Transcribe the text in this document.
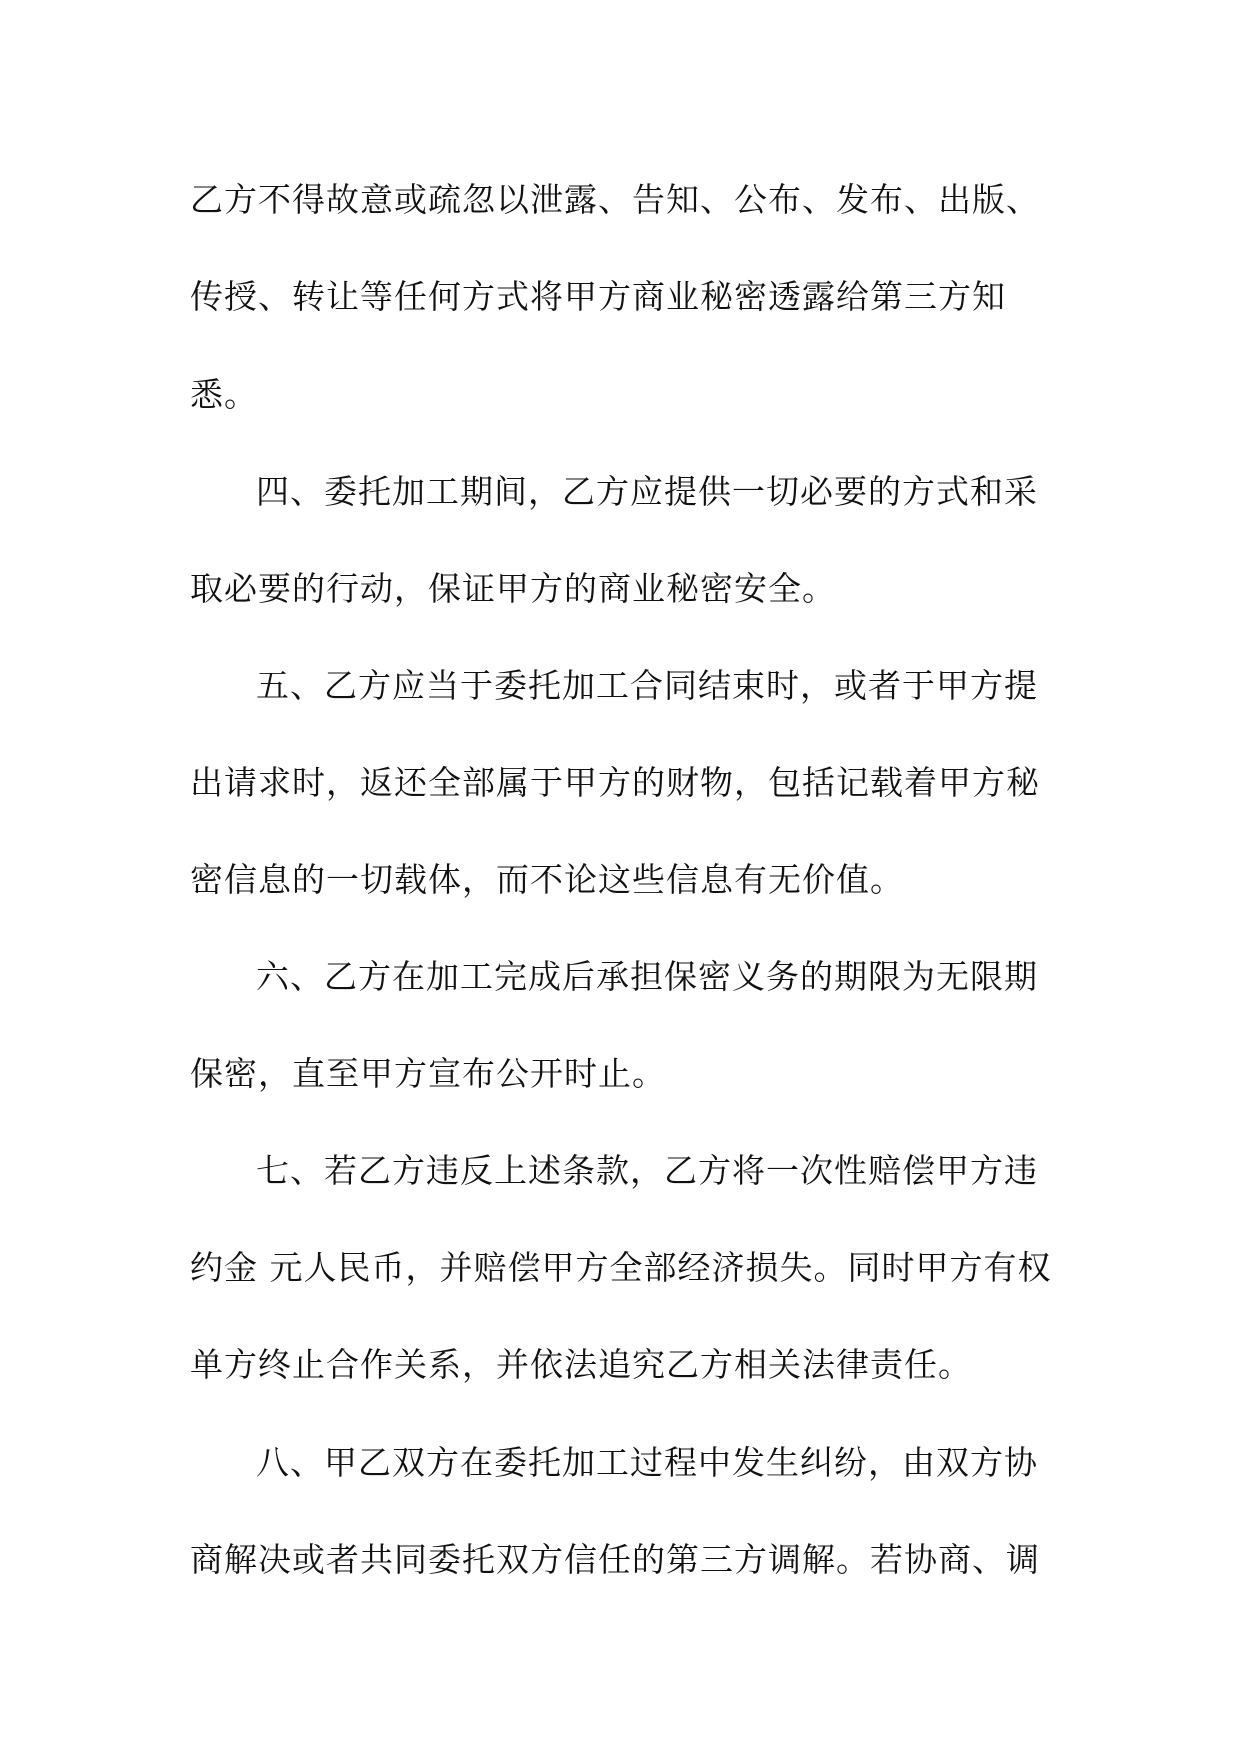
乙方不得故意或疏忽以泄露、告知、公布、发布、出版、

传授、转让等任何方式将甲方商业秘密透露给第三方知

悉。

四、委托加工期间，乙方应提供一切必要的方式和采

取必要的行动，保证甲方的商业秘密安全。

五、乙方应当于委托加工合同结束时，或者于甲方提

出请求时，返还全部属于甲方的财物，包括记载着甲方秘

密信息的一切载体，而不论这些信息有无价值。

六、乙方在加工完成后承担保密义务的期限为无限期

保密，直至甲方宣布公开时止。

七、若乙方违反上述条款，乙方将一次性赔偿甲方违

约金 元人民币，并赔偿甲方全部经济损失。同时甲方有权

单方终止合作关系，并依法追究乙方相关法律责任。

八、甲乙双方在委托加工过程中发生纠纷，由双方协

商解决或者共同委托双方信任的第三方调解。若协商、调
